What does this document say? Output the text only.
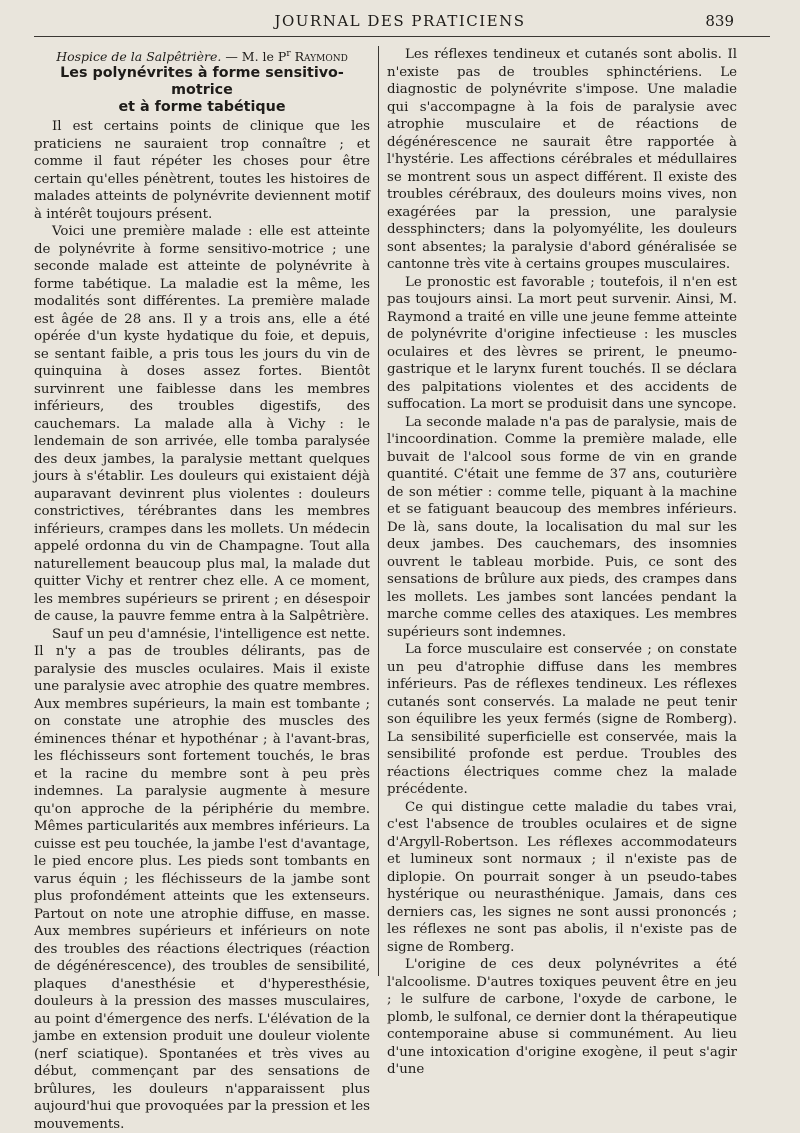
JOURNAL DES PRATICIENS	839
Hospice de la Salpêtrière. — M. le $P^r$ Raymond
Les polynévrites à forme sensitivo-motrice
et à forme tabétique

Il est certains points de clinique que les praticiens ne sauraient trop connaître ; et comme il faut répéter les choses pour être certain qu'elles pénètrent, toutes les histoires de malades atteints de polynévrite deviennent motif à intérêt toujours présent.

Voici une première malade : elle est atteinte de polynévrite à forme sensitivo-motrice ; une seconde malade est atteinte de polynévrite à forme tabétique. La maladie est la même, les modalités sont différentes. La première malade est âgée de 28 ans. Il y a trois ans, elle a été opérée d'un kyste hydatique du foie, et depuis, se sentant faible, a pris tous les jours du vin de quinquina à doses assez fortes. Bientôt survinrent une faiblesse dans les membres inférieurs, des troubles digestifs, des cauchemars. La malade alla à Vichy : le lendemain de son arrivée, elle tomba paralysée des deux jambes, la paralysie mettant quelques jours à s'établir. Les douleurs qui existaient déjà auparavant devinrent plus violentes : douleurs constrictives, térébrantes dans les membres inférieurs, crampes dans les mollets. Un médecin appelé ordonna du vin de Champagne. Tout alla naturellement beaucoup plus mal, la malade dut quitter Vichy et rentrer chez elle. A ce moment, les membres supérieurs se prirent ; en désespoir de cause, la pauvre femme entra à la Salpêtrière.

Sauf un peu d'amnésie, l'intelligence est nette. Il n'y a pas de troubles délirants, pas de paralysie des muscles oculaires. Mais il existe une paralysie avec atrophie des quatre membres. Aux membres supérieurs, la main est tombante ; on constate une atrophie des muscles des éminences thénar et hypothénar ; à l'avant-bras, les fléchisseurs sont fortement touchés, le bras et la racine du membre sont à peu près indemnes. La paralysie augmente à mesure qu'on approche de la périphérie du membre. Mêmes particularités aux membres inférieurs. La cuisse est peu touchée, la jambe l'est d'avantage, le pied encore plus. Les pieds sont tombants en varus équin ; les fléchisseurs de la jambe sont plus profondément atteints que les extenseurs. Partout on note une atrophie diffuse, en masse. Aux membres supérieurs et inférieurs on note des troubles des réactions électriques (réaction de dégénérescence), des troubles de sensibilité, plaques d'anesthésie et d'hyperesthésie, douleurs à la pression des masses musculaires, au point d'émergence des nerfs. L'élévation de la jambe en extension produit une douleur violente (nerf sciatique). Spontanées et très vives au début, commençant par des sensations de brûlures, les douleurs n'apparaissent plus aujourd'hui que provoquées par la pression et les mouvements.

Les réflexes tendineux et cutanés sont abolis. Il n'existe pas de troubles sphinctériens. Le diagnostic de polynévrite s'impose. Une maladie qui s'accompagne à la fois de paralysie avec atrophie musculaire et de réactions de dégénérescence ne saurait être rapportée à l'hystérie. Les affections cérébrales et médullaires se montrent sous un aspect différent. Il existe des troubles cérébraux, des douleurs moins vives, non exagérées par la pression, une paralysie dessphincters; dans la polyomyélite, les douleurs sont absentes; la paralysie d'abord généralisée se cantonne très vite à certains groupes musculaires.

Le pronostic est favorable ; toutefois, il n'en est pas toujours ainsi. La mort peut survenir. Ainsi, M. Raymond a traité en ville une jeune femme atteinte de polynévrite d'origine infectieuse : les muscles oculaires et des lèvres se prirent, le pneumo-gastrique et le larynx furent touchés. Il se déclara des palpitations violentes et des accidents de suffocation. La mort se produisit dans une syncope.

La seconde malade n'a pas de paralysie, mais de l'incoordination. Comme la première malade, elle buvait de l'alcool sous forme de vin en grande quantité. C'était une femme de 37 ans, couturière de son métier : comme telle, piquant à la machine et se fatiguant beaucoup des membres inférieurs. De là, sans doute, la localisation du mal sur les deux jambes. Des cauchemars, des insomnies ouvrent le tableau morbide. Puis, ce sont des sensations de brûlure aux pieds, des crampes dans les mollets. Les jambes sont lancées pendant la marche comme celles des ataxiques. Les membres supérieurs sont indemnes.

La force musculaire est conservée ; on constate un peu d'atrophie diffuse dans les membres inférieurs. Pas de réflexes tendineux. Les réflexes cutanés sont conservés. La malade ne peut tenir son équilibre les yeux fermés (signe de Romberg). La sensibilité superficielle est conservée, mais la sensibilité profonde est perdue. Troubles des réactions électriques comme chez la malade précédente.

Ce qui distingue cette maladie du tabes vrai, c'est l'absence de troubles oculaires et de signe d'Argyll-Robertson. Les réflexes accommodateurs et lumineux sont normaux ; il n'existe pas de diplopie. On pourrait songer à un pseudo-tabes hystérique ou neurasthénique. Jamais, dans ces derniers cas, les signes ne sont aussi prononcés ; les réflexes ne sont pas abolis, il n'existe pas de signe de Romberg.

L'origine de ces deux polynévrites a été l'alcoolisme. D'autres toxiques peuvent être en jeu ; le sulfure de carbone, l'oxyde de carbone, le plomb, le sulfonal, ce dernier dont la thérapeutique contemporaine abuse si communément. Au lieu d'une intoxication d'origine exogène, il peut s'agir d'une
